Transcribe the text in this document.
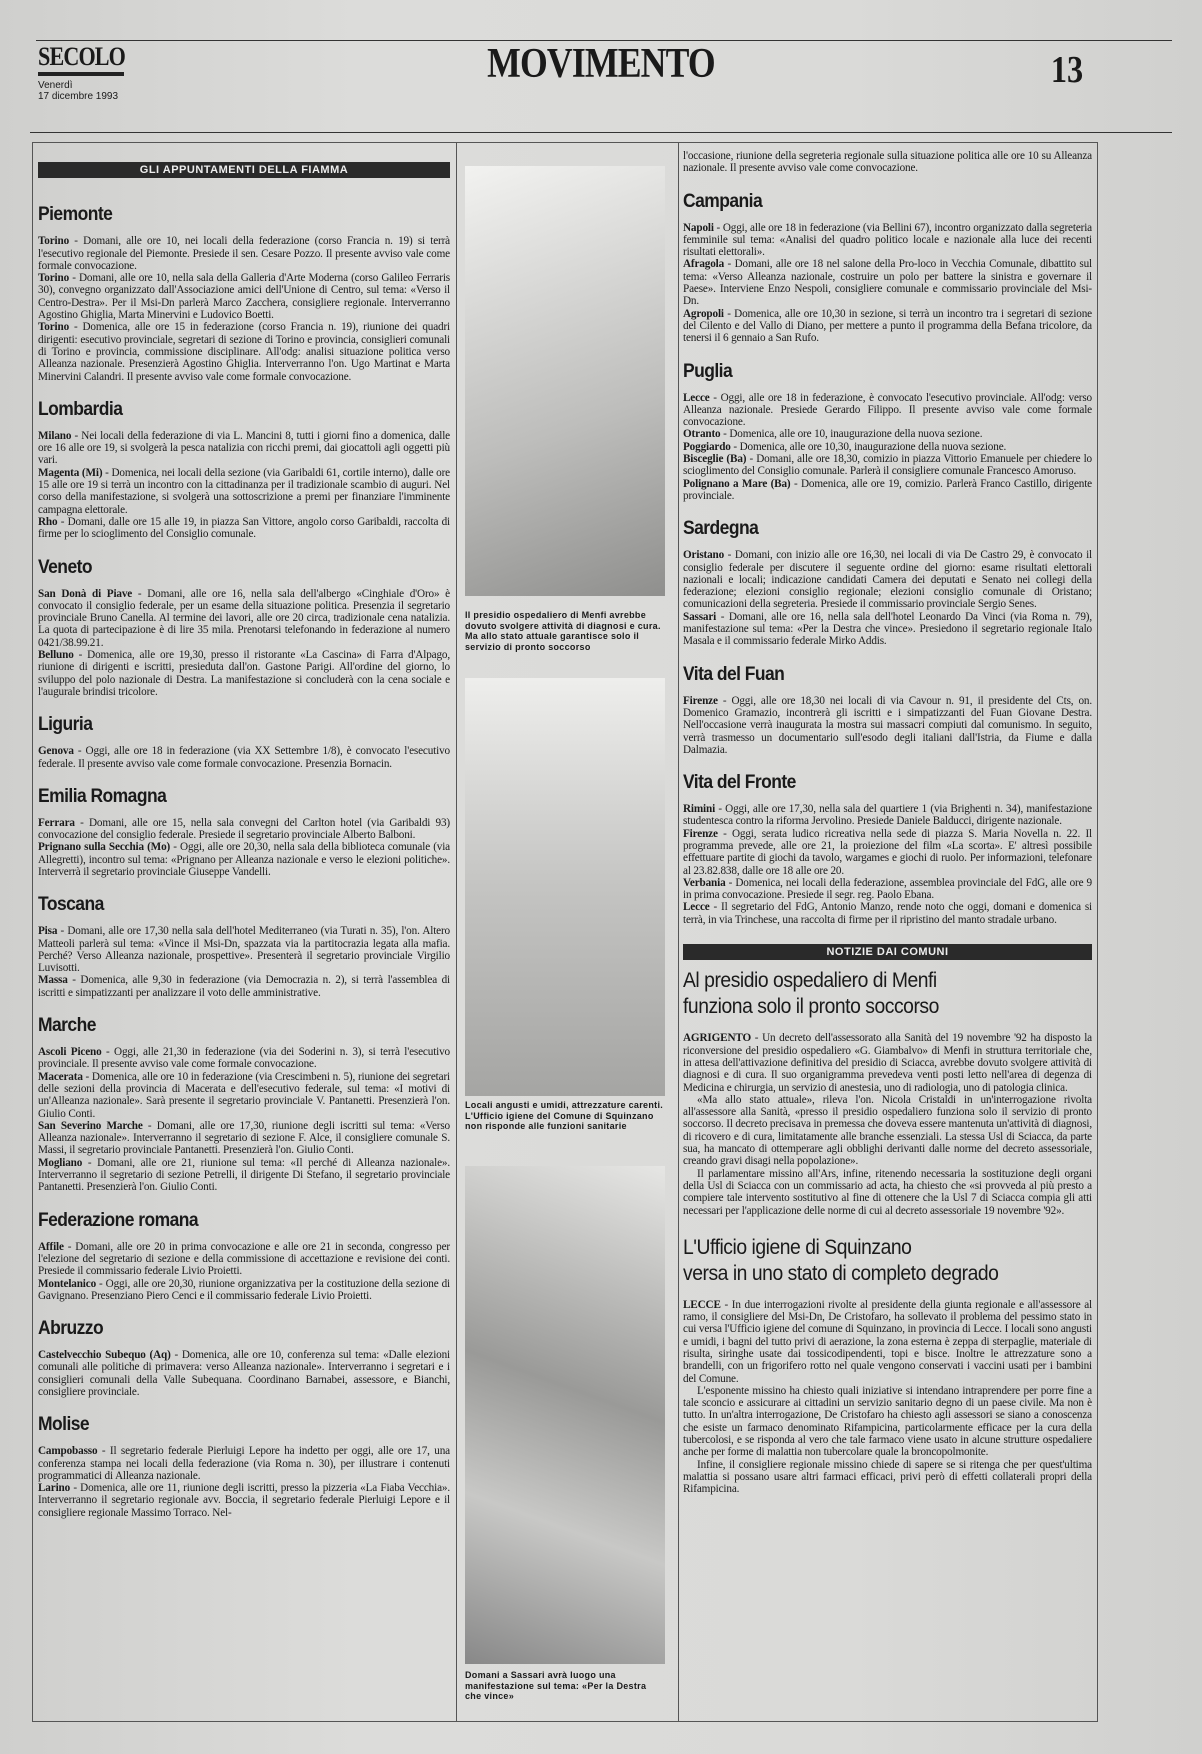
SECOLO
Venerdì
17 dicembre 1993
MOVIMENTO	13
GLI APPUNTAMENTI DELLA FIAMMA
Piemonte

Torino - Domani, alle ore 10, nei locali della federazione (corso Francia n. 19) si terrà l'esecutivo regionale del Piemonte. Presiede il sen. Cesare Pozzo. Il presente avviso vale come formale convocazione.

Torino - Domani, alle ore 10, nella sala della Galleria d'Arte Moderna (corso Galileo Ferraris 30), convegno organizzato dall'Associazione amici dell'Unione di Centro, sul tema: «Verso il Centro-Destra». Per il Msi-Dn parlerà Marco Zacchera, consigliere regionale. Interverranno Agostino Ghiglia, Marta Minervini e Ludovico Boetti.

Torino - Domenica, alle ore 15 in federazione (corso Francia n. 19), riunione dei quadri dirigenti: esecutivo provinciale, segretari di sezione di Torino e provincia, consiglieri comunali di Torino e provincia, commissione disciplinare. All'odg: analisi situazione politica verso Alleanza nazionale. Presenzierà Agostino Ghiglia. Interverranno l'on. Ugo Martinat e Marta Minervini Calandri. Il presente avviso vale come formale convocazione.

Lombardia

Milano - Nei locali della federazione di via L. Mancini 8, tutti i giorni fino a domenica, dalle ore 16 alle ore 19, si svolgerà la pesca natalizia con ricchi premi, dai giocattoli agli oggetti più vari.

Magenta (Mi) - Domenica, nei locali della sezione (via Garibaldi 61, cortile interno), dalle ore 15 alle ore 19 si terrà un incontro con la cittadinanza per il tradizionale scambio di auguri. Nel corso della manifestazione, si svolgerà una sottoscrizione a premi per finanziare l'imminente campagna elettorale.

Rho - Domani, dalle ore 15 alle 19, in piazza San Vittore, angolo corso Garibaldi, raccolta di firme per lo scioglimento del Consiglio comunale.

Veneto

San Donà di Piave - Domani, alle ore 16, nella sala dell'albergo «Cinghiale d'Oro» è convocato il consiglio federale, per un esame della situazione politica. Presenzia il segretario provinciale Bruno Canella. Al termine dei lavori, alle ore 20 circa, tradizionale cena natalizia. La quota di partecipazione è di lire 35 mila. Prenotarsi telefonando in federazione al numero 0421/38.99.21.

Belluno - Domenica, alle ore 19,30, presso il ristorante «La Cascina» di Farra d'Alpago, riunione di dirigenti e iscritti, presieduta dall'on. Gastone Parigi. All'ordine del giorno, lo sviluppo del polo nazionale di Destra. La manifestazione si concluderà con la cena sociale e l'augurale brindisi tricolore.

Liguria

Genova - Oggi, alle ore 18 in federazione (via XX Settembre 1/8), è convocato l'esecutivo federale. Il presente avviso vale come formale convocazione. Presenzia Bornacin.

Emilia Romagna

Ferrara - Domani, alle ore 15, nella sala convegni del Carlton hotel (via Garibaldi 93) convocazione del consiglio federale. Presiede il segretario provinciale Alberto Balboni.

Prignano sulla Secchia (Mo) - Oggi, alle ore 20,30, nella sala della biblioteca comunale (via Allegretti), incontro sul tema: «Prignano per Alleanza nazionale e verso le elezioni politiche». Interverrà il segretario provinciale Giuseppe Vandelli.

Toscana

Pisa - Domani, alle ore 17,30 nella sala dell'hotel Mediterraneo (via Turati n. 35), l'on. Altero Matteoli parlerà sul tema: «Vince il Msi-Dn, spazzata via la partitocrazia legata alla mafia. Perché? Verso Alleanza nazionale, prospettive». Presenterà il segretario provinciale Virgilio Luvisotti.

Massa - Domenica, alle 9,30 in federazione (via Democrazia n. 2), si terrà l'assemblea di iscritti e simpatizzanti per analizzare il voto delle amministrative.

Marche

Ascoli Piceno - Oggi, alle 21,30 in federazione (via dei Soderini n. 3), si terrà l'esecutivo provinciale. Il presente avviso vale come formale convocazione.

Macerata - Domenica, alle ore 10 in federazione (via Crescimbeni n. 5), riunione dei segretari delle sezioni della provincia di Macerata e dell'esecutivo federale, sul tema: «I motivi di un'Alleanza nazionale». Sarà presente il segretario provinciale V. Pantanetti. Presenzierà l'on. Giulio Conti.

San Severino Marche - Domani, alle ore 17,30, riunione degli iscritti sul tema: «Verso Alleanza nazionale». Interverranno il segretario di sezione F. Alce, il consigliere comunale S. Massi, il segretario provinciale Pantanetti. Presenzierà l'on. Giulio Conti.

Mogliano - Domani, alle ore 21, riunione sul tema: «Il perché di Alleanza nazionale». Interverranno il segretario di sezione Petrelli, il dirigente Di Stefano, il segretario provinciale Pantanetti. Presenzierà l'on. Giulio Conti.

Federazione romana

Affile - Domani, alle ore 20 in prima convocazione e alle ore 21 in seconda, congresso per l'elezione del segretario di sezione e della commissione di accettazione e revisione dei conti. Presiede il commissario federale Livio Proietti.

Montelanico - Oggi, alle ore 20,30, riunione organizzativa per la costituzione della sezione di Gavignano. Presenziano Piero Cenci e il commissario federale Livio Proietti.

Abruzzo

Castelvecchio Subequo (Aq) - Domenica, alle ore 10, conferenza sul tema: «Dalle elezioni comunali alle politiche di primavera: verso Alleanza nazionale». Interverranno i segretari e i consiglieri comunali della Valle Subequana. Coordinano Barnabei, assessore, e Bianchi, consigliere provinciale.

Molise

Campobasso - Il segretario federale Pierluigi Lepore ha indetto per oggi, alle ore 17, una conferenza stampa nei locali della federazione (via Roma n. 30), per illustrare i contenuti programmatici di Alleanza nazionale.

Larino - Domenica, alle ore 11, riunione degli iscritti, presso la pizzeria «La Fiaba Vecchia». Interverranno il segretario regionale avv. Boccia, il segretario federale Pierluigi Lepore e il consigliere regionale Massimo Torraco. Nel-

Il presidio ospedaliero di Menfi avrebbe dovuto svolgere attività di diagnosi e cura. Ma allo stato attuale garantisce solo il servizio di pronto soccorso
Locali angusti e umidi, attrezzature carenti. L'Ufficio igiene del Comune di Squinzano non risponde alle funzioni sanitarie
Domani a Sassari avrà luogo una manifestazione sul tema: «Per la Destra che vince»

l'occasione, riunione della segreteria regionale sulla situazione politica alle ore 10 su Alleanza nazionale. Il presente avviso vale come convocazione.

Campania

Napoli - Oggi, alle ore 18 in federazione (via Bellini 67), incontro organizzato dalla segreteria femminile sul tema: «Analisi del quadro politico locale e nazionale alla luce dei recenti risultati elettorali».

Afragola - Domani, alle ore 18 nel salone della Pro-loco in Vecchia Comunale, dibattito sul tema: «Verso Alleanza nazionale, costruire un polo per battere la sinistra e governare il Paese». Interviene Enzo Nespoli, consigliere comunale e commissario provinciale del Msi-Dn.

Agropoli - Domenica, alle ore 10,30 in sezione, si terrà un incontro tra i segretari di sezione del Cilento e del Vallo di Diano, per mettere a punto il programma della Befana tricolore, da tenersi il 6 gennaio a San Rufo.

Puglia

Lecce - Oggi, alle ore 18 in federazione, è convocato l'esecutivo provinciale. All'odg: verso Alleanza nazionale. Presiede Gerardo Filippo. Il presente avviso vale come formale convocazione.

Otranto - Domenica, alle ore 10, inaugurazione della nuova sezione.

Poggiardo - Domenica, alle ore 10,30, inaugurazione della nuova sezione.

Bisceglie (Ba) - Domani, alle ore 18,30, comizio in piazza Vittorio Emanuele per chiedere lo scioglimento del Consiglio comunale. Parlerà il consigliere comunale Francesco Amoruso.

Polignano a Mare (Ba) - Domenica, alle ore 19, comizio. Parlerà Franco Castillo, dirigente provinciale.

Sardegna

Oristano - Domani, con inizio alle ore 16,30, nei locali di via De Castro 29, è convocato il consiglio federale per discutere il seguente ordine del giorno: esame risultati elettorali nazionali e locali; indicazione candidati Camera dei deputati e Senato nei collegi della federazione; elezioni consiglio regionale; elezioni consiglio comunale di Oristano; comunicazioni della segreteria. Presiede il commissario provinciale Sergio Senes.

Sassari - Domani, alle ore 16, nella sala dell'hotel Leonardo Da Vinci (via Roma n. 79), manifestazione sul tema: «Per la Destra che vince». Presiedono il segretario regionale Italo Masala e il commissario federale Mirko Addis.

Vita del Fuan

Firenze - Oggi, alle ore 18,30 nei locali di via Cavour n. 91, il presidente del Cts, on. Domenico Gramazio, incontrerà gli iscritti e i simpatizzanti del Fuan Giovane Destra. Nell'occasione verrà inaugurata la mostra sui massacri compiuti dal comunismo. In seguito, verrà trasmesso un documentario sull'esodo degli italiani dall'Istria, da Fiume e dalla Dalmazia.

Vita del Fronte

Rimini - Oggi, alle ore 17,30, nella sala del quartiere 1 (via Brighenti n. 34), manifestazione studentesca contro la riforma Jervolino. Presiede Daniele Balducci, dirigente nazionale.

Firenze - Oggi, serata ludico ricreativa nella sede di piazza S. Maria Novella n. 22. Il programma prevede, alle ore 21, la proiezione del film «La scorta». E' altresì possibile effettuare partite di giochi da tavolo, wargames e giochi di ruolo. Per informazioni, telefonare al 23.82.838, dalle ore 18 alle ore 20.

Verbania - Domenica, nei locali della federazione, assemblea provinciale del FdG, alle ore 9 in prima convocazione. Presiede il segr. reg. Paolo Ebana.

Lecce - Il segretario del FdG, Antonio Manzo, rende noto che oggi, domani e domenica si terrà, in via Trinchese, una raccolta di firme per il ripristino del manto stradale urbano.

NOTIZIE DAI COMUNI
Al presidio ospedaliero di Menfi
funziona solo il pronto soccorso

AGRIGENTO - Un decreto dell'assessorato alla Sanità del 19 novembre '92 ha disposto la riconversione del presidio ospedaliero «G. Giambalvo» di Menfi in struttura territoriale che, in attesa dell'attivazione definitiva del presidio di Sciacca, avrebbe dovuto svolgere attività di diagnosi e di cura. Il suo organigramma prevedeva venti posti letto nell'area di degenza di Medicina e chirurgia, un servizio di anestesia, uno di radiologia, uno di patologia clinica.

«Ma allo stato attuale», rileva l'on. Nicola Cristaldi in un'interrogazione rivolta all'assessore alla Sanità, «presso il presidio ospedaliero funziona solo il servizio di pronto soccorso. Il decreto precisava in premessa che doveva essere mantenuta un'attività di diagnosi, di ricovero e di cura, limitatamente alle branche essenziali. La stessa Usl di Sciacca, da parte sua, ha mancato di ottemperare agli obblighi derivanti dalle norme del decreto assessoriale, creando gravi disagi nella popolazione».

Il parlamentare missino all'Ars, infine, ritenendo necessaria la sostituzione degli organi della Usl di Sciacca con un commissario ad acta, ha chiesto che «si provveda al più presto a compiere tale intervento sostitutivo al fine di ottenere che la Usl 7 di Sciacca compia gli atti necessari per l'applicazione delle norme di cui al decreto assessoriale 19 novembre '92».

L'Ufficio igiene di Squinzano
versa in uno stato di completo degrado

LECCE - In due interrogazioni rivolte al presidente della giunta regionale e all'assessore al ramo, il consigliere del Msi-Dn, De Cristofaro, ha sollevato il problema del pessimo stato in cui versa l'Ufficio igiene del comune di Squinzano, in provincia di Lecce. I locali sono angusti e umidi, i bagni del tutto privi di aerazione, la zona esterna è zeppa di sterpaglie, materiale di risulta, siringhe usate dai tossicodipendenti, topi e bisce. Inoltre le attrezzature sono a brandelli, con un frigorifero rotto nel quale vengono conservati i vaccini usati per i bambini del Comune.

L'esponente missino ha chiesto quali iniziative si intendano intraprendere per porre fine a tale sconcio e assicurare ai cittadini un servizio sanitario degno di un paese civile. Ma non è tutto. In un'altra interrogazione, De Cristofaro ha chiesto agli assessori se siano a conoscenza che esiste un farmaco denominato Rifampicina, particolarmente efficace per la cura della tubercolosi, e se risponda al vero che tale farmaco viene usato in alcune strutture ospedaliere anche per forme di malattia non tubercolare quale la broncopolmonite.

Infine, il consigliere regionale missino chiede di sapere se si ritenga che per quest'ultima malattia si possano usare altri farmaci efficaci, privi però di effetti collaterali propri della Rifampicina.
